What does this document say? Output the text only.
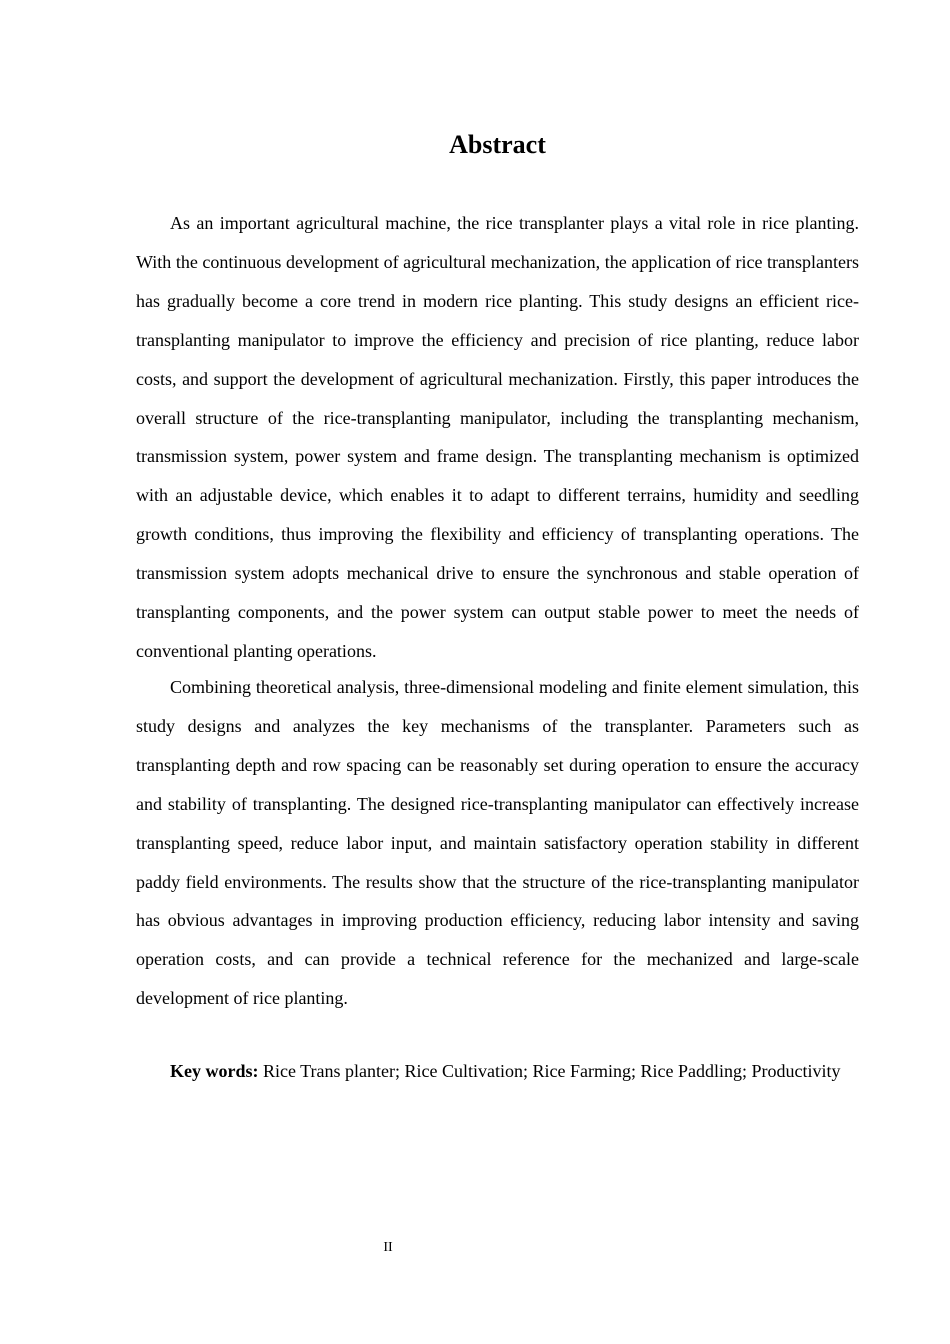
Abstract

As an important agricultural machine, the rice transplanter plays a vital role in rice planting. With the continuous development of agricultural mechanization, the application of rice transplanters has gradually become a core trend in modern rice planting. This study designs an efficient rice-transplanting manipulator to improve the efficiency and precision of rice planting, reduce labor costs, and support the development of agricultural mechanization. Firstly, this paper introduces the overall structure of the rice-transplanting manipulator, including the transplanting mechanism, transmission system, power system and frame design. The transplanting mechanism is optimized with an adjustable device, which enables it to adapt to different terrains, humidity and seedling growth conditions, thus improving the flexibility and efficiency of transplanting operations. The transmission system adopts mechanical drive to ensure the synchronous and stable operation of transplanting components, and the power system can output stable power to meet the needs of conventional planting operations.

Combining theoretical analysis, three-dimensional modeling and finite element simulation, this study designs and analyzes the key mechanisms of the transplanter. Parameters such as transplanting depth and row spacing can be reasonably set during operation to ensure the accuracy and stability of transplanting. The designed rice-transplanting manipulator can effectively increase transplanting speed, reduce labor input, and maintain satisfactory operation stability in different paddy field environments. The results show that the structure of the rice-transplanting manipulator has obvious advantages in improving production efficiency, reducing labor intensity and saving operation costs, and can provide a technical reference for the mechanized and large-scale development of rice planting.

Key words: Rice Trans planter; Rice Cultivation; Rice Farming; Rice Paddling; Productivity

II
